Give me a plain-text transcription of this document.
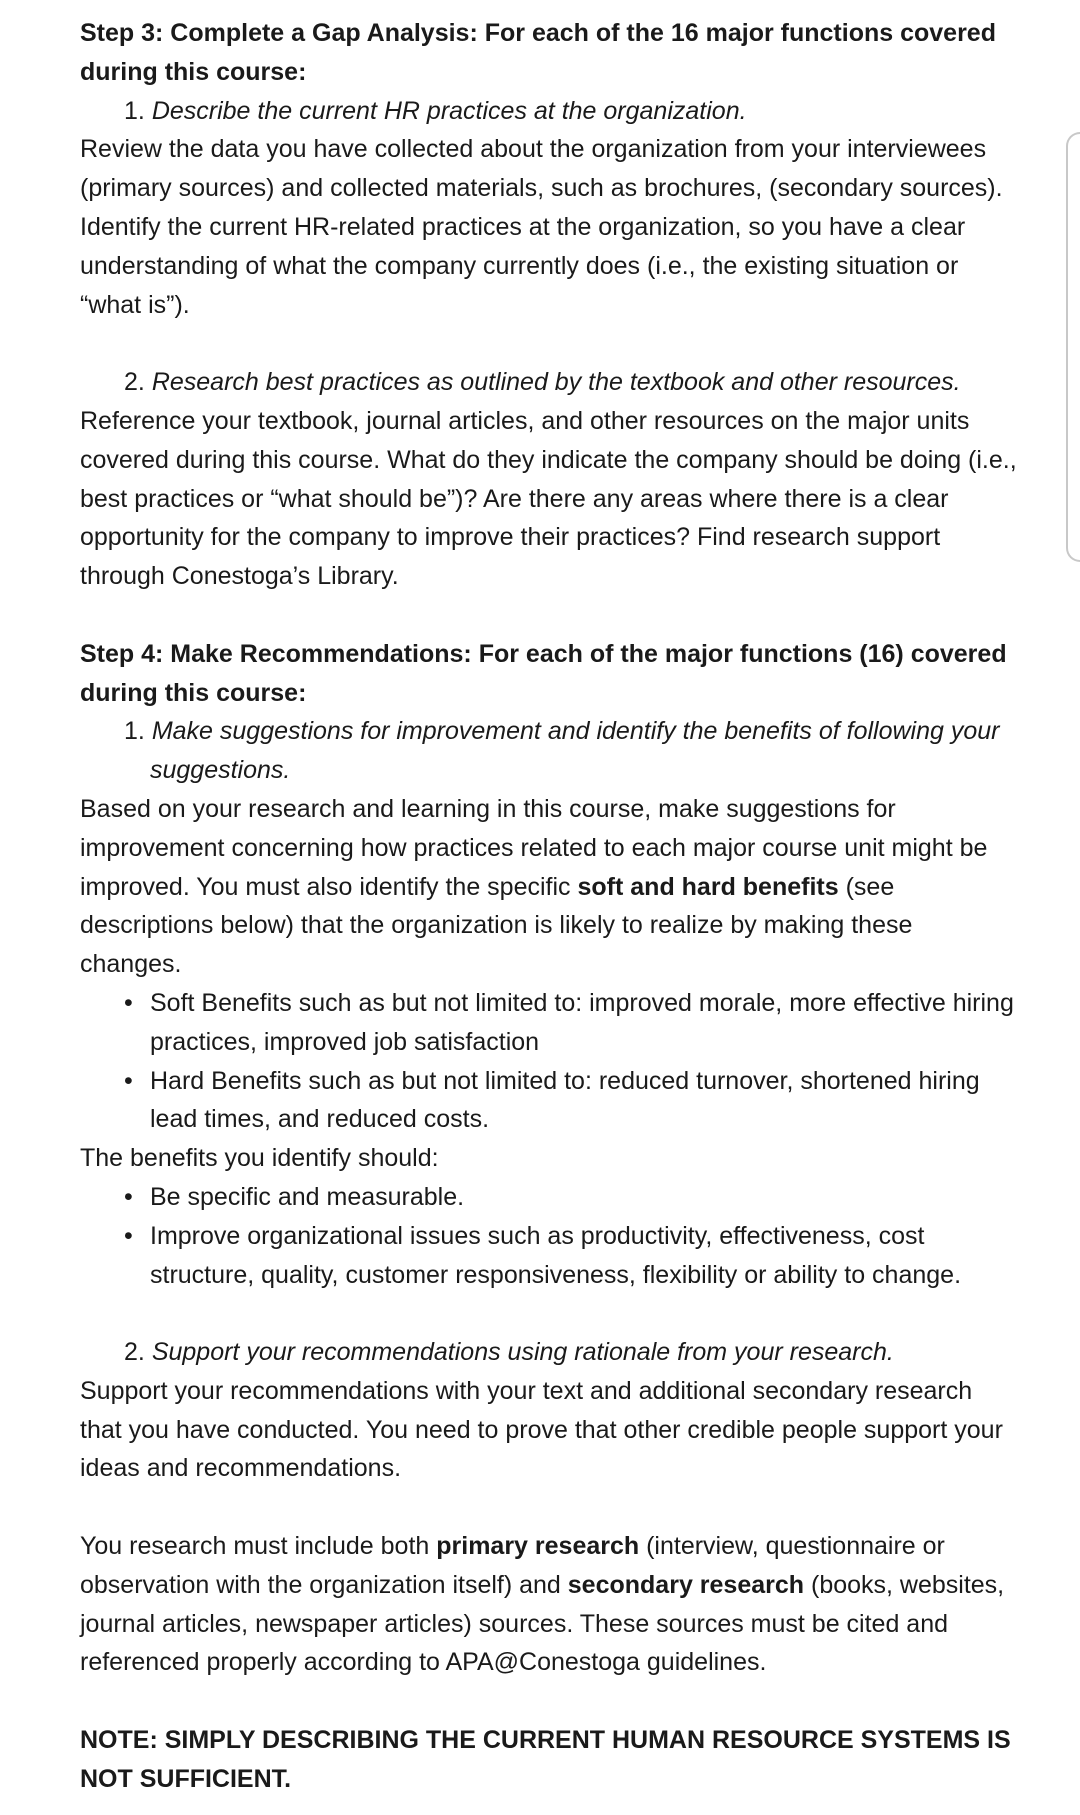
Step 3: Complete a Gap Analysis: For each of the 16 major functions covered during this course:

1. Describe the current HR practices at the organization.

Review the data you have collected about the organization from your interviewees (primary sources) and collected materials, such as brochures, (secondary sources). Identify the current HR-related practices at the organization, so you have a clear understanding of what the company currently does (i.e., the existing situation or “what is”).

2. Research best practices as outlined by the textbook and other resources.

Reference your textbook, journal articles, and other resources on the major units covered during this course. What do they indicate the company should be doing (i.e., best practices or “what should be”)? Are there any areas where there is a clear opportunity for the company to improve their practices? Find research support through Conestoga’s Library.

Step 4: Make Recommendations: For each of the major functions (16) covered during this course:

1. Make suggestions for improvement and identify the benefits of following your suggestions.

Based on your research and learning in this course, make suggestions for improvement concerning how practices related to each major course unit might be improved. You must also identify the specific soft and hard benefits (see descriptions below) that the organization is likely to realize by making these changes.

• Soft Benefits such as but not limited to: improved morale, more effective hiring practices, improved job satisfaction
• Hard Benefits such as but not limited to: reduced turnover, shortened hiring lead times, and reduced costs.

The benefits you identify should:

• Be specific and measurable.
• Improve organizational issues such as productivity, effectiveness, cost structure, quality, customer responsiveness, flexibility or ability to change.

2. Support your recommendations using rationale from your research.

Support your recommendations with your text and additional secondary research that you have conducted. You need to prove that other credible people support your ideas and recommendations.

You research must include both primary research (interview, questionnaire or observation with the organization itself) and secondary research (books, websites, journal articles, newspaper articles) sources. These sources must be cited and referenced properly according to APA@Conestoga guidelines.

NOTE: SIMPLY DESCRIBING THE CURRENT HUMAN RESOURCE SYSTEMS IS NOT SUFFICIENT.
